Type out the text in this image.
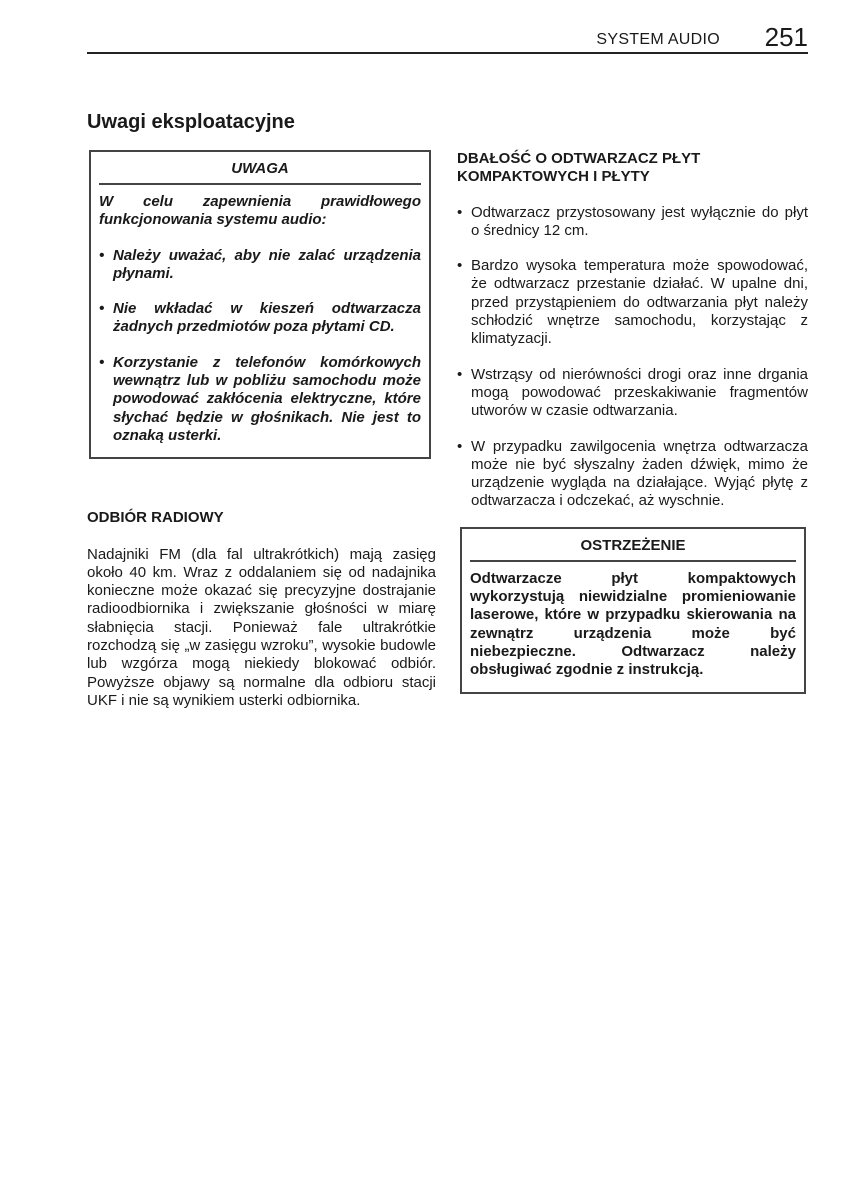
SYSTEM AUDIO 251
Uwagi eksploatacyjne
UWAGA

W celu zapewnienia prawidłowego funkcjonowania systemu audio:

• Należy uważać, aby nie zalać urządzenia płynami.
• Nie wkładać w kieszeń odtwarzacza żadnych przedmiotów poza płytami CD.
• Korzystanie z telefonów komórkowych wewnątrz lub w pobliżu samochodu może powodować zakłócenia elektryczne, które słychać będzie w głośnikach. Nie jest to oznaką usterki.
ODBIÓR RADIOWY

Nadajniki FM (dla fal ultrakrótkich) mają zasięg około 40 km. Wraz z oddalaniem się od nadajnika konieczne może okazać się precyzyjne dostrajanie radioodbiornika i zwiększanie głośności w miarę słabnięcia stacji. Ponieważ fale ultrakrótkie rozchodzą się „w zasięgu wzroku”, wysokie budowle lub wzgórza mogą niekiedy blokować odbiór. Powyższe objawy są normalne dla odbioru stacji UKF i nie są wynikiem usterki odbiornika.

DBAŁOŚĆ O ODTWARZACZ PŁYT KOMPAKTOWYCH I PŁYTY
• Odtwarzacz przystosowany jest wyłącznie do płyt o średnicy 12 cm.
• Bardzo wysoka temperatura może spowodować, że odtwarzacz przestanie działać. W upalne dni, przed przystąpieniem do odtwarzania płyt należy schłodzić wnętrze samochodu, korzystając z klimatyzacji.
• Wstrząsy od nierówności drogi oraz inne drgania mogą powodować przeskakiwanie fragmentów utworów w czasie odtwarzania.
• W przypadku zawilgocenia wnętrza odtwarzacza może nie być słyszalny żaden dźwięk, mimo że urządzenie wygląda na działające. Wyjąć płytę z odtwarzacza i odczekać, aż wyschnie.
OSTRZEŻENIE

Odtwarzacze płyt kompaktowych wykorzystują niewidzialne promieniowanie laserowe, które w przypadku skierowania na zewnątrz urządzenia może być niebezpieczne. Odtwarzacz należy obsługiwać zgodnie z instrukcją.
